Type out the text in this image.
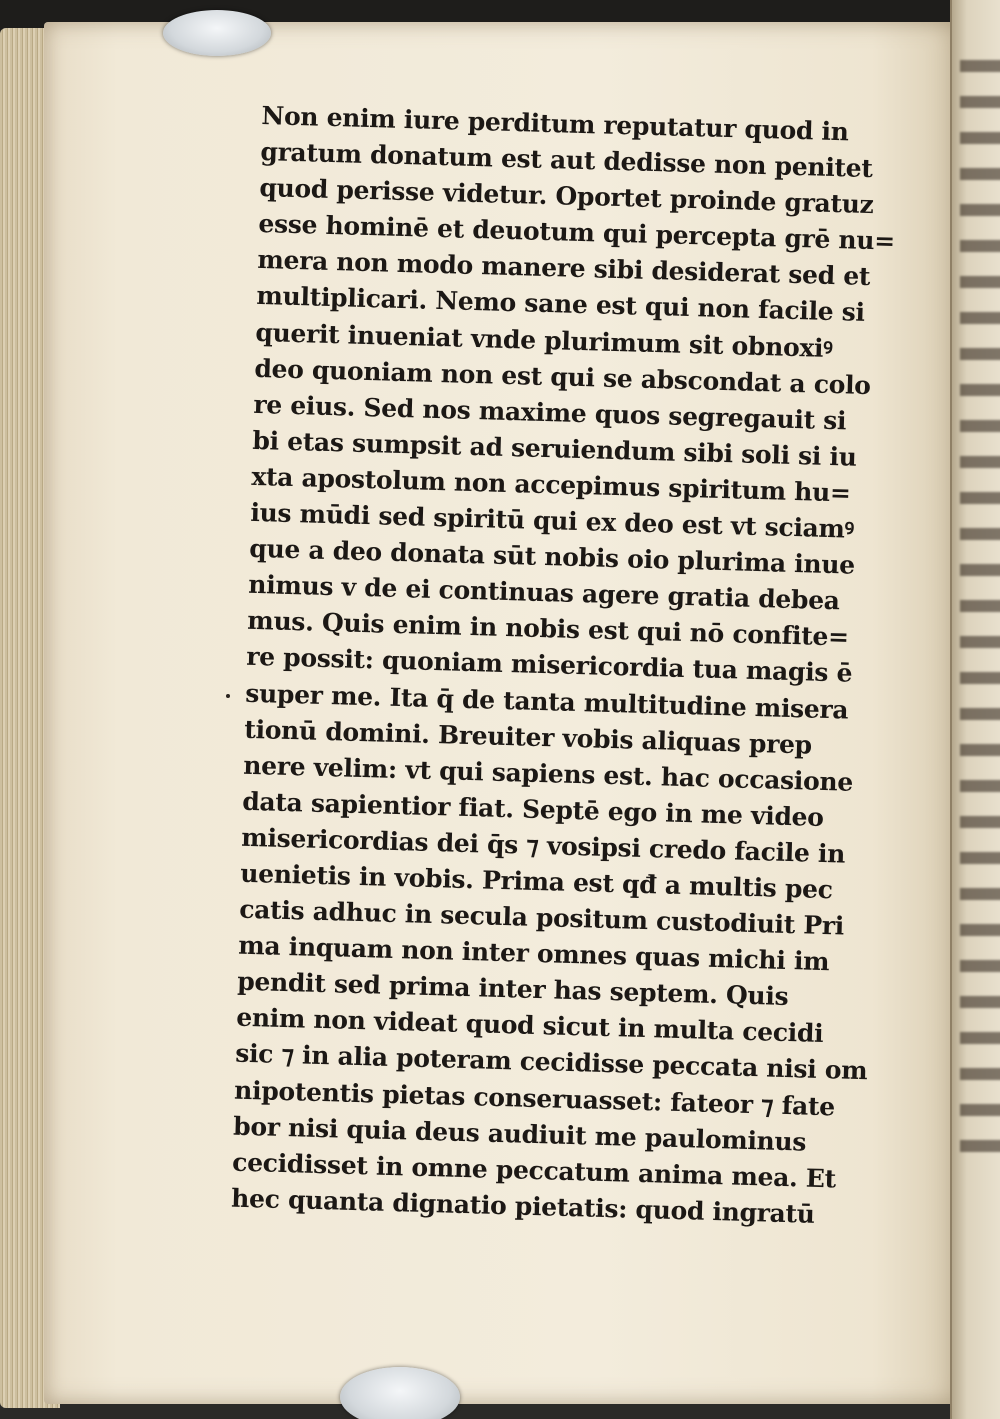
Non enim iure perditum reputatur quod in
gratum donatum est aut dedisse non penitet
quod perisse videtur. Oportet proinde gratuz
esse hominē et deuotum qui percepta grē nu=
mera non modo manere sibi desiderat sed et
multiplicari. Nemo sane est qui non facile si
querit inueniat vnde plurimum sit obnoxiꝰ
deo quoniam non est qui se abscondat a colo
re eius. Sed nos maxime quos segregauit si
bi etas sumpsit ad seruiendum sibi soli si iu
xta apostolum non accepimus spiritum hu=
ius mūdi sed spiritū qui ex deo est vt sciamꝰ
que a deo donata sūt nobis oio plurima inue
nimus v de ei continuas agere gratia debea
mus. Quis enim in nobis est qui nō confite=
re possit: quoniam misericordia tua magis ē
super me. Ita q̄ de tanta multitudine misera
tionū domini. Breuiter vobis aliquas prep
nere velim: vt qui sapiens est. hac occasione
data sapientior fiat. Septē ego in me video
misericordias dei q̄s ⁊ vosipsi credo facile in
uenietis in vobis. Prima est qđ a multis pec
catis adhuc in secula positum custodiuit Pri
ma inquam non inter omnes quas michi im
pendit sed prima inter has septem. Quis
enim non videat quod sicut in multa cecidi
sic ⁊ in alia poteram cecidisse peccata nisi om
nipotentis pietas conseruasset: fateor ⁊ fate
bor nisi quia deus audiuit me paulominus
cecidisset in omne peccatum anima mea. Et
hec quanta dignatio pietatis: quod ingratū
